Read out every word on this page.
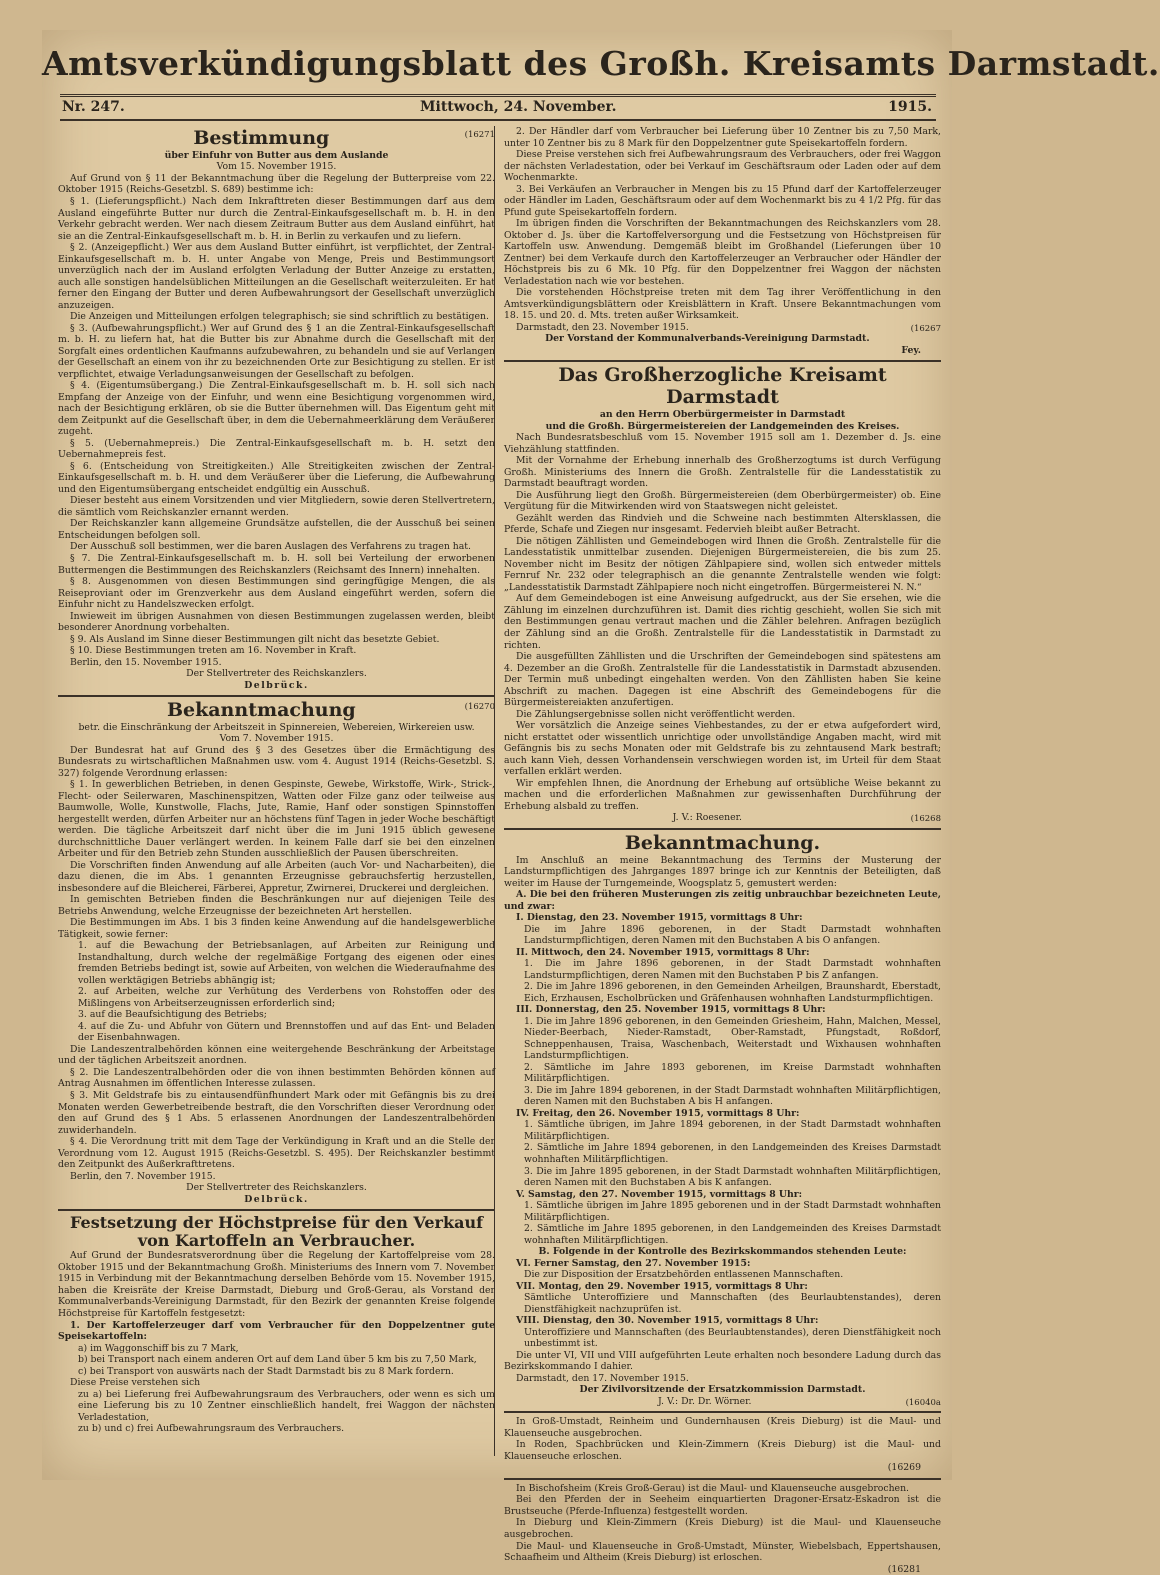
Amtsverkündigungsblatt des Großh. Kreisamts Darmstadt.
Nr. 247.	Mittwoch, 24. November.	1915.
(16271
Bestimmung
über Einfuhr von Butter aus dem Auslande

Vom 15. November 1915.

Auf Grund von § 11 der Bekanntmachung über die Regelung der Butterpreise vom 22. Oktober 1915 (Reichs-Gesetzbl. S. 689) bestimme ich:

§ 1. (Lieferungspflicht.) Nach dem Inkrafttreten dieser Bestimmungen darf aus dem Ausland eingeführte Butter nur durch die Zentral-Einkaufsgesellschaft m. b. H. in den Verkehr gebracht werden. Wer nach diesem Zeitraum Butter aus dem Ausland einführt, hat sie an die Zentral-Einkaufsgesellschaft m. b. H. in Berlin zu verkaufen und zu liefern.

§ 2. (Anzeigepflicht.) Wer aus dem Ausland Butter einführt, ist verpflichtet, der Zentral-Einkaufsgesellschaft m. b. H. unter Angabe von Menge, Preis und Bestimmungsort unverzüglich nach der im Ausland erfolgten Verladung der Butter Anzeige zu erstatten, auch alle sonstigen handelsüblichen Mitteilungen an die Gesellschaft weiterzuleiten. Er hat ferner den Eingang der Butter und deren Aufbewahrungsort der Gesellschaft unverzüglich anzuzeigen.

Die Anzeigen und Mitteilungen erfolgen telegraphisch; sie sind schriftlich zu bestätigen.

§ 3. (Aufbewahrungspflicht.) Wer auf Grund des § 1 an die Zentral-Einkaufsgesellschaft m. b. H. zu liefern hat, hat die Butter bis zur Abnahme durch die Gesellschaft mit der Sorgfalt eines ordentlichen Kaufmanns aufzubewahren, zu behandeln und sie auf Verlangen der Gesellschaft an einem von ihr zu bezeichnenden Orte zur Besichtigung zu stellen. Er ist verpflichtet, etwaige Verladungsanweisungen der Gesellschaft zu befolgen.

§ 4. (Eigentumsübergang.) Die Zentral-Einkaufsgesellschaft m. b. H. soll sich nach Empfang der Anzeige von der Einfuhr, und wenn eine Besichtigung vorgenommen wird, nach der Besichtigung erklären, ob sie die Butter übernehmen will. Das Eigentum geht mit dem Zeitpunkt auf die Gesellschaft über, in dem die Uebernahmeerklärung dem Veräußerer zugeht.

§ 5. (Uebernahmepreis.) Die Zentral-Einkaufsgesellschaft m. b. H. setzt den Uebernahmepreis fest.

§ 6. (Entscheidung von Streitigkeiten.) Alle Streitigkeiten zwischen der Zentral-Einkaufsgesellschaft m. b. H. und dem Veräußerer über die Lieferung, die Aufbewahrung und den Eigentumsübergang entscheidet endgültig ein Ausschuß.

Dieser besteht aus einem Vorsitzenden und vier Mitgliedern, sowie deren Stellvertretern, die sämtlich vom Reichskanzler ernannt werden.

Der Reichskanzler kann allgemeine Grundsätze aufstellen, die der Ausschuß bei seinen Entscheidungen befolgen soll.

Der Ausschuß soll bestimmen, wer die baren Auslagen des Verfahrens zu tragen hat.

§ 7. Die Zentral-Einkaufsgesellschaft m. b. H. soll bei Verteilung der erworbenen Buttermengen die Bestimmungen des Reichskanzlers (Reichsamt des Innern) innehalten.

§ 8. Ausgenommen von diesen Bestimmungen sind geringfügige Mengen, die als Reiseproviant oder im Grenzverkehr aus dem Ausland eingeführt werden, sofern die Einfuhr nicht zu Handelszwecken erfolgt.

Inwieweit im übrigen Ausnahmen von diesen Bestimmungen zugelassen werden, bleibt besonderer Anordnung vorbehalten.

§ 9. Als Ausland im Sinne dieser Bestimmungen gilt nicht das besetzte Gebiet.

§ 10. Diese Bestimmungen treten am 16. November in Kraft.

Berlin, den 15. November 1915.

Der Stellvertreter des Reichskanzlers.

Delbrück.
(16270
Bekanntmachung

betr. die Einschränkung der Arbeitszeit in Spinnereien, Webereien, Wirkereien usw.

Vom 7. November 1915.

Der Bundesrat hat auf Grund des § 3 des Gesetzes über die Ermächtigung des Bundesrats zu wirtschaftlichen Maßnahmen usw. vom 4. August 1914 (Reichs-Gesetzbl. S. 327) folgende Verordnung erlassen:

§ 1. In gewerblichen Betrieben, in denen Gespinste, Gewebe, Wirkstoffe, Wirk-, Strick-, Flecht- oder Seilerwaren, Maschinenspitzen, Watten oder Filze ganz oder teilweise aus Baumwolle, Wolle, Kunstwolle, Flachs, Jute, Ramie, Hanf oder sonstigen Spinnstoffen hergestellt werden, dürfen Arbeiter nur an höchstens fünf Tagen in jeder Woche beschäftigt werden. Die tägliche Arbeitszeit darf nicht über die im Juni 1915 üblich gewesene durchschnittliche Dauer verlängert werden. In keinem Falle darf sie bei den einzelnen Arbeiter und für den Betrieb zehn Stunden ausschließlich der Pausen überschreiten.

Die Vorschriften finden Anwendung auf alle Arbeiten (auch Vor- und Nacharbeiten), die dazu dienen, die im Abs. 1 genannten Erzeugnisse gebrauchsfertig herzustellen, insbesondere auf die Bleicherei, Färberei, Appretur, Zwirnerei, Druckerei und dergleichen.

In gemischten Betrieben finden die Beschränkungen nur auf diejenigen Teile des Betriebs Anwendung, welche Erzeugnisse der bezeichneten Art herstellen.

Die Bestimmungen im Abs. 1 bis 3 finden keine Anwendung auf die handelsgewerbliche Tätigkeit, sowie ferner:

1. auf die Bewachung der Betriebsanlagen, auf Arbeiten zur Reinigung und Instandhaltung, durch welche der regelmäßige Fortgang des eigenen oder eines fremden Betriebs bedingt ist, sowie auf Arbeiten, von welchen die Wiederaufnahme des vollen werktägigen Betriebs abhängig ist;

2. auf Arbeiten, welche zur Verhütung des Verderbens von Rohstoffen oder des Mißlingens von Arbeitserzeugnissen erforderlich sind;

3. auf die Beaufsichtigung des Betriebs;

4. auf die Zu- und Abfuhr von Gütern und Brennstoffen und auf das Ent- und Beladen der Eisenbahnwagen.

Die Landeszentralbehörden können eine weitergehende Beschränkung der Arbeitstage und der täglichen Arbeitszeit anordnen.

§ 2. Die Landeszentralbehörden oder die von ihnen bestimmten Behörden können auf Antrag Ausnahmen im öffentlichen Interesse zulassen.

§ 3. Mit Geldstrafe bis zu eintausendfünfhundert Mark oder mit Gefängnis bis zu drei Monaten werden Gewerbetreibende bestraft, die den Vorschriften dieser Verordnung oder den auf Grund des § 1 Abs. 5 erlassenen Anordnungen der Landeszentralbehörden zuwiderhandeln.

§ 4. Die Verordnung tritt mit dem Tage der Verkündigung in Kraft und an die Stelle der Verordnung vom 12. August 1915 (Reichs-Gesetzbl. S. 495). Der Reichskanzler bestimmt den Zeitpunkt des Außerkrafttretens.

Berlin, den 7. November 1915.

Der Stellvertreter des Reichskanzlers.

Delbrück.
Festsetzung der Höchstpreise für den Verkauf von Kartoffeln an Verbraucher.

Auf Grund der Bundesratsverordnung über die Regelung der Kartoffelpreise vom 28. Oktober 1915 und der Bekanntmachung Großh. Ministeriums des Innern vom 7. November 1915 in Verbindung mit der Bekanntmachung derselben Behörde vom 15. November 1915, haben die Kreisräte der Kreise Darmstadt, Dieburg und Groß-Gerau, als Vorstand der Kommunalverbands-Vereinigung Darmstadt, für den Bezirk der genannten Kreise folgende Höchstpreise für Kartoffeln festgesetzt:

1. Der Kartoffelerzeuger darf vom Verbraucher für den Doppelzentner gute Speisekartoffeln:

a) im Waggonschiff bis zu 7 Mark,

b) bei Transport nach einem anderen Ort auf dem Land über 5 km bis zu 7,50 Mark,

c) bei Transport von auswärts nach der Stadt Darmstadt bis zu 8 Mark fordern.

Diese Preise verstehen sich

zu a) bei Lieferung frei Aufbewahrungsraum des Verbrauchers, oder wenn es sich um eine Lieferung bis zu 10 Zentner einschließlich handelt, frei Waggon der nächsten Verladestation,

zu b) und c) frei Aufbewahrungsraum des Verbrauchers.

2. Der Händler darf vom Verbraucher bei Lieferung über 10 Zentner bis zu 7,50 Mark, unter 10 Zentner bis zu 8 Mark für den Doppelzentner gute Speisekartoffeln fordern.

Diese Preise verstehen sich frei Aufbewahrungsraum des Verbrauchers, oder frei Waggon der nächsten Verladestation, oder bei Verkauf im Geschäftsraum oder Laden oder auf dem Wochenmarkte.

3. Bei Verkäufen an Verbraucher in Mengen bis zu 15 Pfund darf der Kartoffelerzeuger oder Händler im Laden, Geschäftsraum oder auf dem Wochenmarkt bis zu 4 1/2 Pfg. für das Pfund gute Speisekartoffeln fordern.

Im übrigen finden die Vorschriften der Bekanntmachungen des Reichskanzlers vom 28. Oktober d. Js. über die Kartoffelversorgung und die Festsetzung von Höchstpreisen für Kartoffeln usw. Anwendung. Demgemäß bleibt im Großhandel (Lieferungen über 10 Zentner) bei dem Verkaufe durch den Kartoffelerzeuger an Verbraucher oder Händler der Höchstpreis bis zu 6 Mk. 10 Pfg. für den Doppelzentner frei Waggon der nächsten Verladestation nach wie vor bestehen.

Die vorstehenden Höchstpreise treten mit dem Tag ihrer Veröffentlichung in den Amtsverkündigungsblättern oder Kreisblättern in Kraft. Unsere Bekanntmachungen vom 18. 15. und 20. d. Mts. treten außer Wirksamkeit.

(16267

Darmstadt, den 23. November 1915.

Der Vorstand der Kommunalverbands-Vereinigung Darmstadt.

Fey.

Das Großherzogliche Kreisamt Darmstadt
an den Herrn Oberbürgermeister in Darmstadt
und die Großh. Bürgermeistereien der Landgemeinden des Kreises.

Nach Bundesratsbeschluß vom 15. November 1915 soll am 1. Dezember d. Js. eine Viehzählung stattfinden.

Mit der Vornahme der Erhebung innerhalb des Großherzogtums ist durch Verfügung Großh. Ministeriums des Innern die Großh. Zentralstelle für die Landesstatistik zu Darmstadt beauftragt worden.

Die Ausführung liegt den Großh. Bürgermeistereien (dem Oberbürgermeister) ob. Eine Vergütung für die Mitwirkenden wird von Staatswegen nicht geleistet.

Gezählt werden das Rindvieh und die Schweine nach bestimmten Altersklassen, die Pferde, Schafe und Ziegen nur insgesamt. Federvieh bleibt außer Betracht.

Die nötigen Zähllisten und Gemeindebogen wird Ihnen die Großh. Zentralstelle für die Landesstatistik unmittelbar zusenden. Diejenigen Bürgermeistereien, die bis zum 25. November nicht im Besitz der nötigen Zählpapiere sind, wollen sich entweder mittels Fernruf Nr. 232 oder telegraphisch an die genannte Zentralstelle wenden wie folgt: „Landesstatistik Darmstadt Zählpapiere noch nicht eingetroffen. Bürgermeisterei N. N.“

Auf dem Gemeindebogen ist eine Anweisung aufgedruckt, aus der Sie ersehen, wie die Zählung im einzelnen durchzuführen ist. Damit dies richtig geschieht, wollen Sie sich mit den Bestimmungen genau vertraut machen und die Zähler belehren. Anfragen bezüglich der Zählung sind an die Großh. Zentralstelle für die Landesstatistik in Darmstadt zu richten.

Die ausgefüllten Zähllisten und die Urschriften der Gemeindebogen sind spätestens am 4. Dezember an die Großh. Zentralstelle für die Landesstatistik in Darmstadt abzusenden. Der Termin muß unbedingt eingehalten werden. Von den Zähllisten haben Sie keine Abschrift zu machen. Dagegen ist eine Abschrift des Gemeindebogens für die Bürgermeistereiakten anzufertigen.

Die Zählungsergebnisse sollen nicht veröffentlicht werden.

Wer vorsätzlich die Anzeige seines Viehbestandes, zu der er etwa aufgefordert wird, nicht erstattet oder wissentlich unrichtige oder unvollständige Angaben macht, wird mit Gefängnis bis zu sechs Monaten oder mit Geldstrafe bis zu zehntausend Mark bestraft; auch kann Vieh, dessen Vorhandensein verschwiegen worden ist, im Urteil für dem Staat verfallen erklärt werden.

Wir empfehlen Ihnen, die Anordnung der Erhebung auf ortsübliche Weise bekannt zu machen und die erforderlichen Maßnahmen zur gewissenhaften Durchführung der Erhebung alsbald zu treffen.

(16268

J. V.: Roesener.

Bekanntmachung.

Im Anschluß an meine Bekanntmachung des Termins der Musterung der Landsturmpflichtigen des Jahrganges 1897 bringe ich zur Kenntnis der Beteiligten, daß weiter im Hause der Turngemeinde, Woogsplatz 5, gemustert werden:

A. Die bei den früheren Musterungen zis zeitig unbrauchbar bezeichneten Leute, und zwar:

I. Dienstag, den 23. November 1915, vormittags 8 Uhr:

Die im Jahre 1896 geborenen, in der Stadt Darmstadt wohnhaften Landsturmpflichtigen, deren Namen mit den Buchstaben A bis O anfangen.

II. Mittwoch, den 24. November 1915, vormittags 8 Uhr:

1. Die im Jahre 1896 geborenen, in der Stadt Darmstadt wohnhaften Landsturmpflichtigen, deren Namen mit den Buchstaben P bis Z anfangen.

2. Die im Jahre 1896 geborenen, in den Gemeinden Arheilgen, Braunshardt, Eberstadt, Eich, Erzhausen, Escholbrücken und Gräfenhausen wohnhaften Landsturmpflichtigen.

III. Donnerstag, den 25. November 1915, vormittags 8 Uhr:

1. Die im Jahre 1896 geborenen, in den Gemeinden Griesheim, Hahn, Malchen, Messel, Nieder-Beerbach, Nieder-Ramstadt, Ober-Ramstadt, Pfungstadt, Roßdorf, Schneppenhausen, Traisa, Waschenbach, Weiterstadt und Wixhausen wohnhaften Landsturmpflichtigen.

2. Sämtliche im Jahre 1893 geborenen, im Kreise Darmstadt wohnhaften Militärpflichtigen.

3. Die im Jahre 1894 geborenen, in der Stadt Darmstadt wohnhaften Militärpflichtigen, deren Namen mit den Buchstaben A bis H anfangen.

IV. Freitag, den 26. November 1915, vormittags 8 Uhr:

1. Sämtliche übrigen, im Jahre 1894 geborenen, in der Stadt Darmstadt wohnhaften Militärpflichtigen.

2. Sämtliche im Jahre 1894 geborenen, in den Landgemeinden des Kreises Darmstadt wohnhaften Militärpflichtigen.

3. Die im Jahre 1895 geborenen, in der Stadt Darmstadt wohnhaften Militärpflichtigen, deren Namen mit den Buchstaben A bis K anfangen.

V. Samstag, den 27. November 1915, vormittags 8 Uhr:

1. Sämtliche übrigen im Jahre 1895 geborenen und in der Stadt Darmstadt wohnhaften Militärpflichtigen.

2. Sämtliche im Jahre 1895 geborenen, in den Landgemeinden des Kreises Darmstadt wohnhaften Militärpflichtigen.

B. Folgende in der Kontrolle des Bezirkskommandos stehenden Leute:

VI. Ferner Samstag, den 27. November 1915:

Die zur Disposition der Ersatzbehörden entlassenen Mannschaften.

VII. Montag, den 29. November 1915, vormittags 8 Uhr:

Sämtliche Unteroffiziere und Mannschaften (des Beurlaubtenstandes), deren Dienstfähigkeit nachzuprüfen ist.

VIII. Dienstag, den 30. November 1915, vormittags 8 Uhr:

Unteroffiziere und Mannschaften (des Beurlaubtenstandes), deren Dienstfähigkeit noch unbestimmt ist.

Die unter VI, VII und VIII aufgeführten Leute erhalten noch besondere Ladung durch das Bezirkskommando I dahier.

Darmstadt, den 17. November 1915.

Der Zivilvorsitzende der Ersatzkommission Darmstadt.

(16040a

J. V.: Dr. Dr. Wörner.

In Groß-Umstadt, Reinheim und Gundernhausen (Kreis Dieburg) ist die Maul- und Klauenseuche ausgebrochen.

In Roden, Spachbrücken und Klein-Zimmern (Kreis Dieburg) ist die Maul- und Klauenseuche erloschen.

(16269

In Bischofsheim (Kreis Groß-Gerau) ist die Maul- und Klauenseuche ausgebrochen.

Bei den Pferden der in Seeheim einquartierten Dragoner-Ersatz-Eskadron ist die Brustseuche (Pferde-Influenza) festgestellt worden.

In Dieburg und Klein-Zimmern (Kreis Dieburg) ist die Maul- und Klauenseuche ausgebrochen.

Die Maul- und Klauenseuche in Groß-Umstadt, Münster, Wiebelsbach, Eppertshausen, Schaafheim und Altheim (Kreis Dieburg) ist erloschen.

(16281
